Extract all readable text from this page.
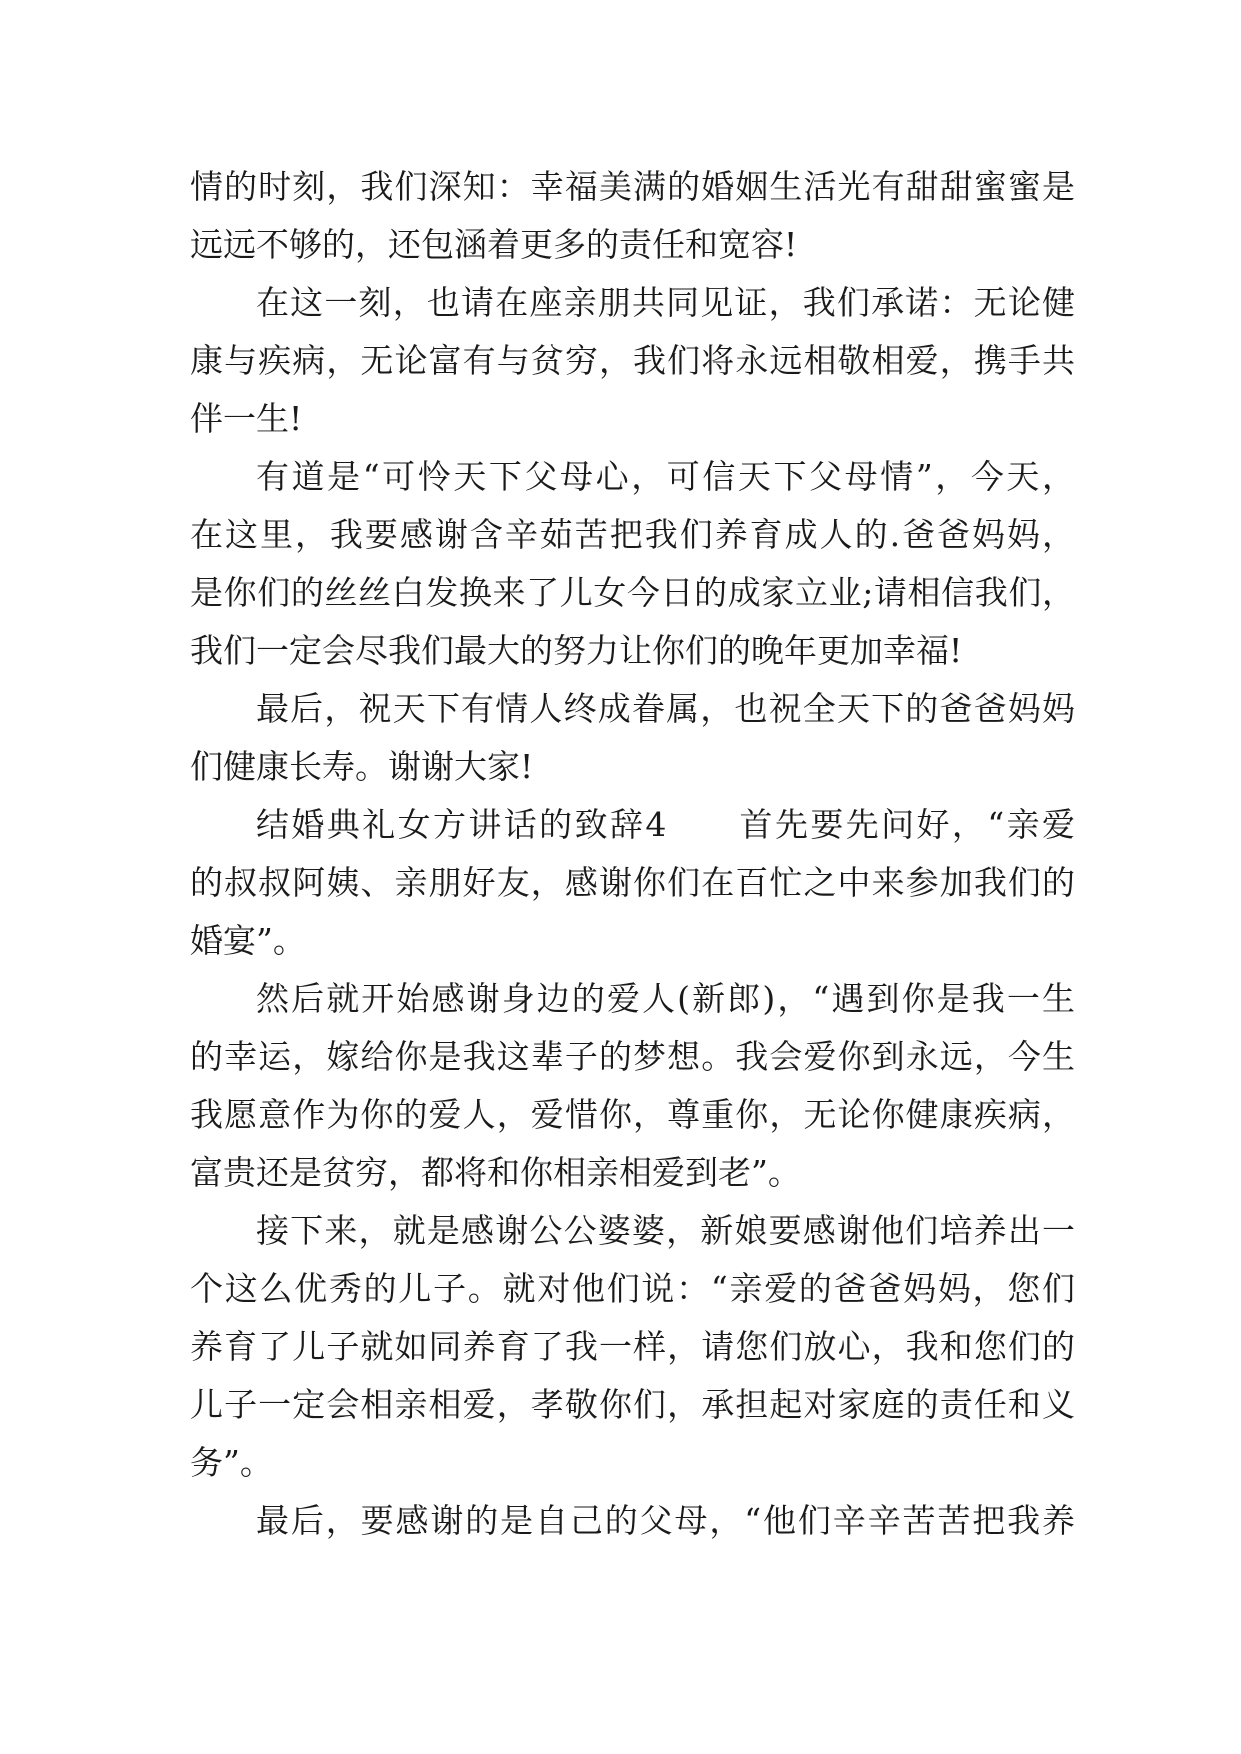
情的时刻，我们深知：幸福美满的婚姻生活光有甜甜蜜蜜是
远远不够的，还包涵着更多的责任和宽容!
在这一刻，也请在座亲朋共同见证，我们承诺：无论健
康与疾病，无论富有与贫穷，我们将永远相敬相爱，携手共
伴一生!
有道是“可怜天下父母心，可信天下父母情”，今天，
在这里，我要感谢含辛茹苦把我们养育成人的.爸爸妈妈，
是你们的丝丝白发换来了儿女今日的成家立业;请相信我们，
我们一定会尽我们最大的努力让你们的晚年更加幸福!
最后，祝天下有情人终成眷属，也祝全天下的爸爸妈妈
们健康长寿。谢谢大家!
结婚典礼女方讲话的致辞4　　首先要先问好，“亲爱
的叔叔阿姨、亲朋好友，感谢你们在百忙之中来参加我们的
婚宴”。
然后就开始感谢身边的爱人(新郎)，“遇到你是我一生
的幸运，嫁给你是我这辈子的梦想。我会爱你到永远，今生
我愿意作为你的爱人，爱惜你，尊重你，无论你健康疾病，
富贵还是贫穷，都将和你相亲相爱到老”。
接下来，就是感谢公公婆婆，新娘要感谢他们培养出一
个这么优秀的儿子。就对他们说：“亲爱的爸爸妈妈，您们
养育了儿子就如同养育了我一样，请您们放心，我和您们的
儿子一定会相亲相爱，孝敬你们，承担起对家庭的责任和义
务”。
最后，要感谢的是自己的父母，“他们辛辛苦苦把我养
